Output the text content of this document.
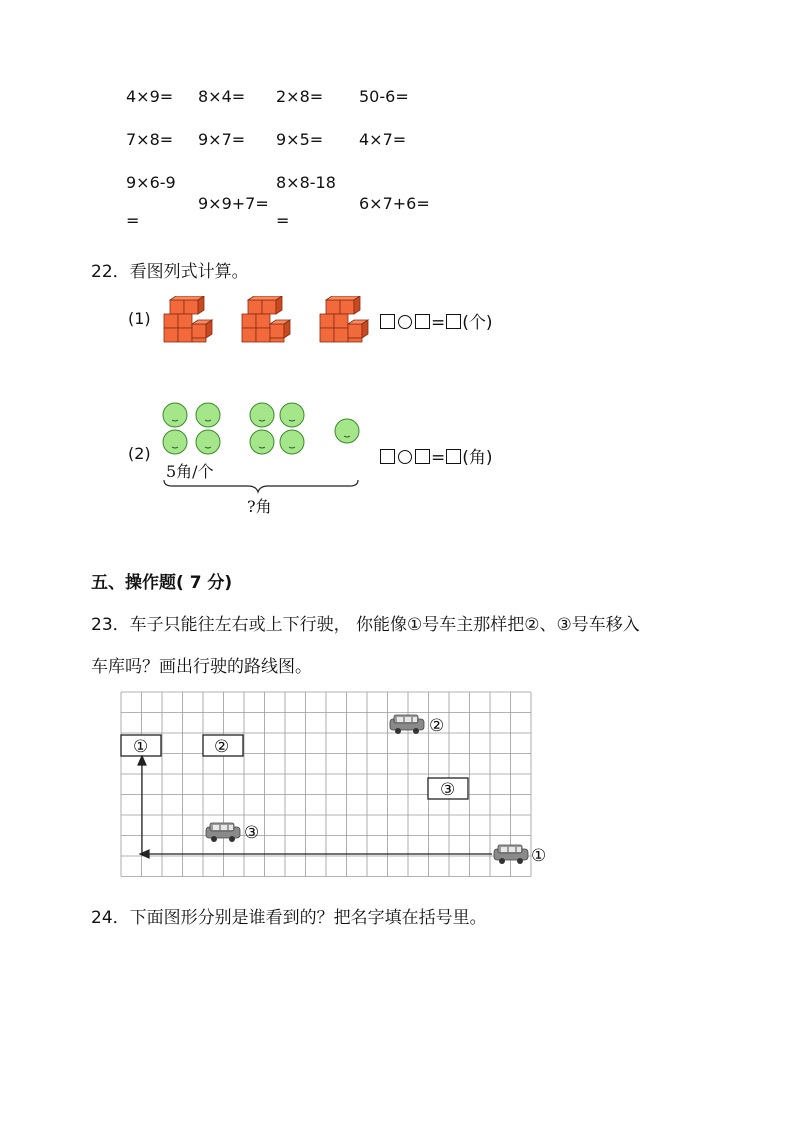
4×9= 8×4= 2×8= 50-6=
7×8= 9×7= 9×5= 4×7=
9×6-9
=
9×9+7=
8×8-18
=
6×7+6=
22．看图列式计算。
(1)	= (个)
(2)
5角/个
?角
= (角)
五、操作题( 7 分)
23．车子只能往左右或上下行驶， 你能像①号车主那样把②、③号车移入
车库吗？画出行驶的路线图。
①	②
③
②
③
①
24．下面图形分别是谁看到的？把名字填在括号里。
